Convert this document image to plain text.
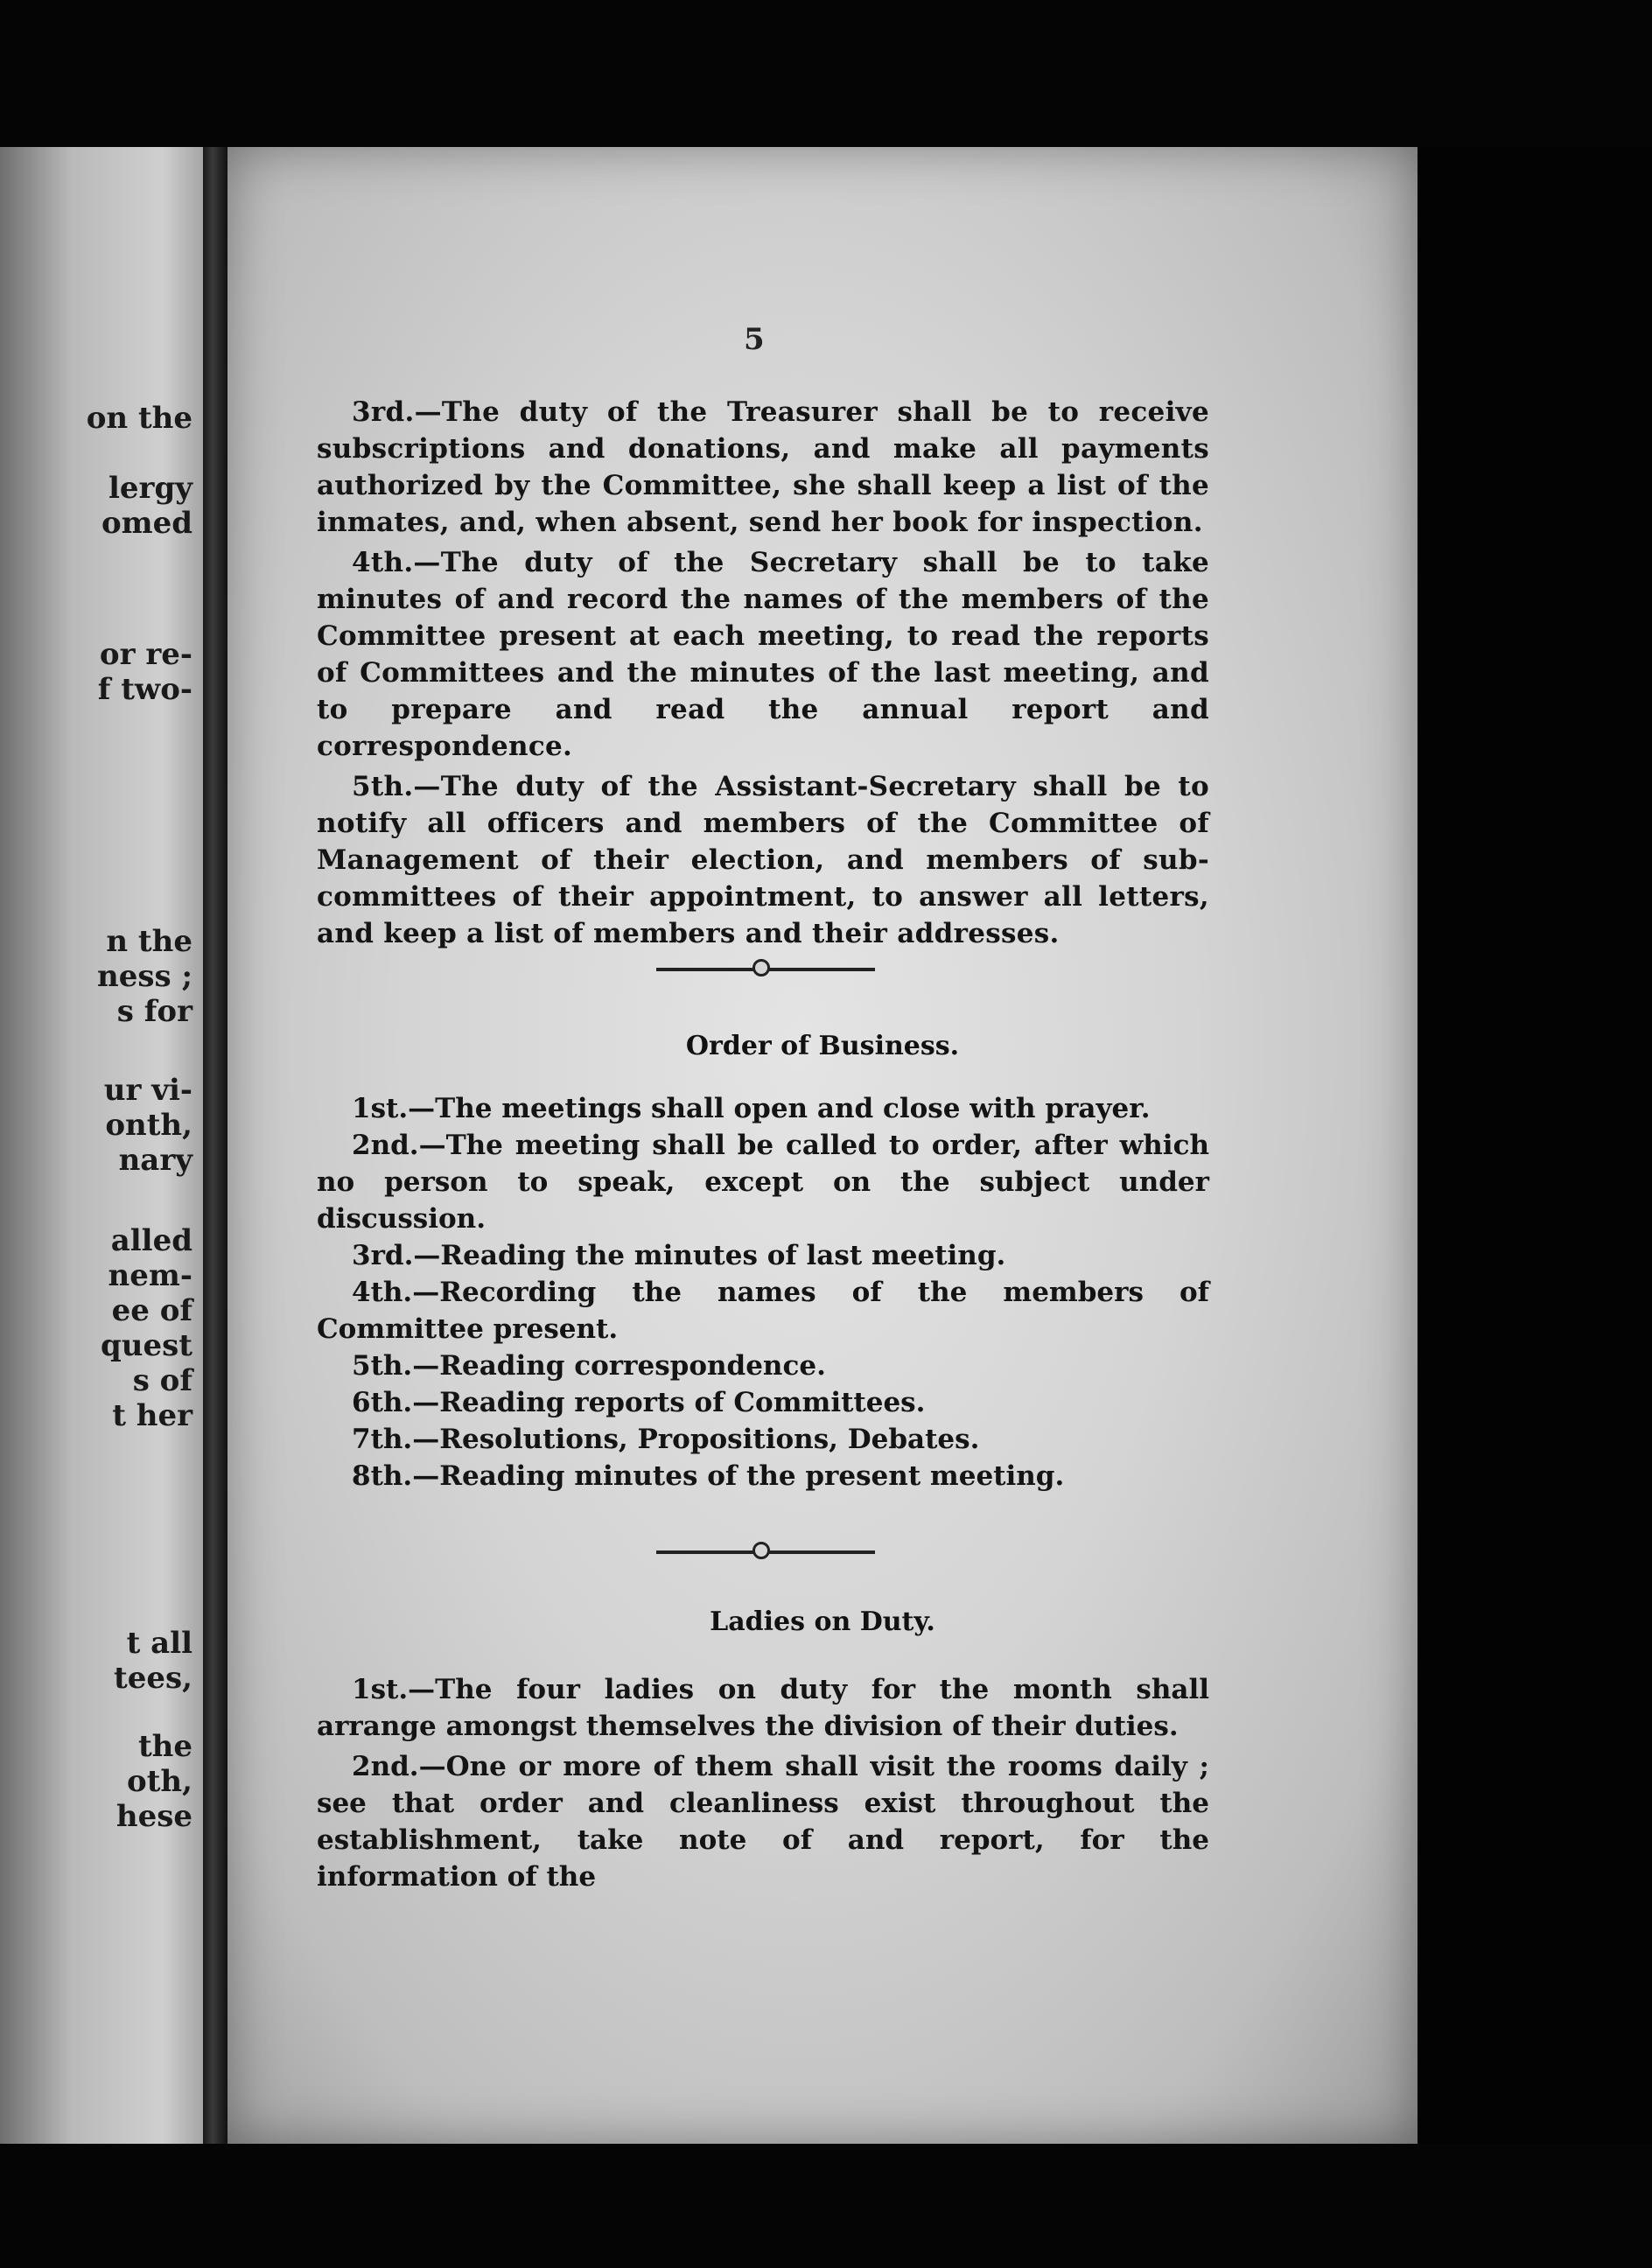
on the
lergy
omed
or re-
f two-
n the
ness ;
s for
ur vi-
onth,
nary
alled
nem-
ee of
quest
s of
t her
t all
tees,
the
oth,
hese
5

3rd.—The duty of the Treasurer shall be to receive subscriptions and donations, and make all payments authorized by the Committee, she shall keep a list of the inmates, and, when absent, send her book for inspection.

4th.—The duty of the Secretary shall be to take minutes of and record the names of the members of the Committee present at each meeting, to read the reports of Committees and the minutes of the last meeting, and to prepare and read the annual report and correspondence.

5th.—The duty of the Assistant-Secretary shall be to notify all officers and members of the Committee of Management of their election, and members of sub-committees of their appointment, to answer all letters, and keep a list of members and their addresses.

Order of Business.

1st.—The meetings shall open and close with prayer.

2nd.—The meeting shall be called to order, after which no person to speak, except on the subject under discussion.

3rd.—Reading the minutes of last meeting.

4th.—Recording the names of the members of Committee present.

5th.—Reading correspondence.

6th.—Reading reports of Committees.

7th.—Resolutions, Propositions, Debates.

8th.—Reading minutes of the present meeting.

Ladies on Duty.

1st.—The four ladies on duty for the month shall arrange amongst themselves the division of their duties.

2nd.—One or more of them shall visit the rooms daily ; see that order and cleanliness exist throughout the establishment, take note of and report, for the information of the
